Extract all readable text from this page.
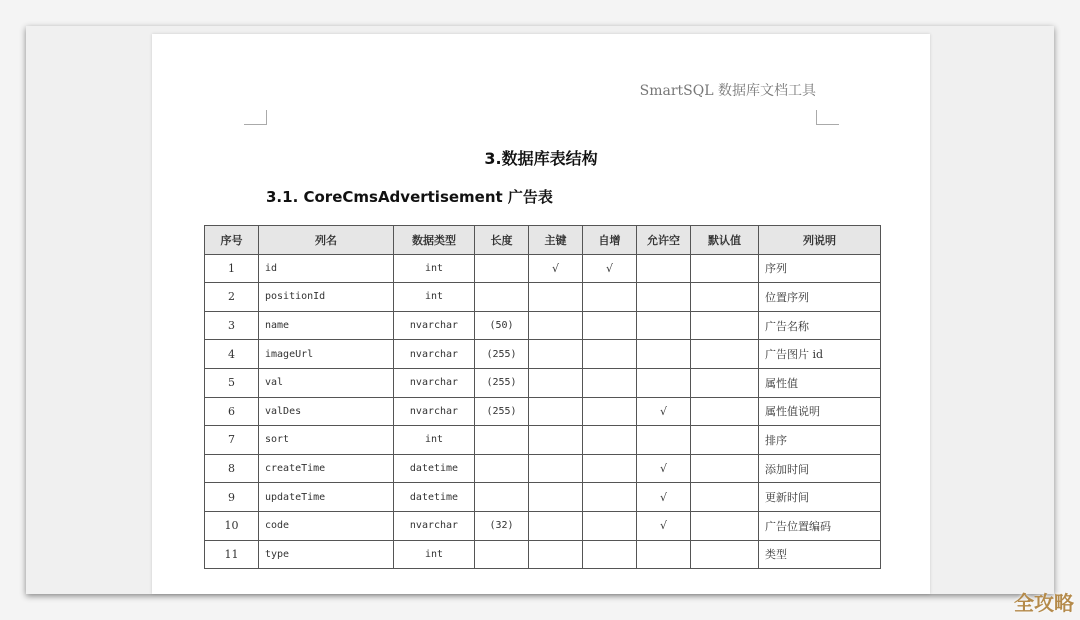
SmartSQL 数据库文档工具
3.数据库表结构
3.1. CoreCmsAdvertisement 广告表
序号	列名	数据类型	长度	主键	自增	允许空	默认值	列说明
1	id	int		√	√			序列
2	positionId	int						位置序列
3	name	nvarchar	(50)					广告名称
4	imageUrl	nvarchar	(255)					广告图片 id
5	val	nvarchar	(255)					属性值
6	valDes	nvarchar	(255)			√		属性值说明
7	sort	int						排序
8	createTime	datetime				√		添加时间
9	updateTime	datetime				√		更新时间
10	code	nvarchar	(32)			√		广告位置编码
11	type	int						类型
全攻略
